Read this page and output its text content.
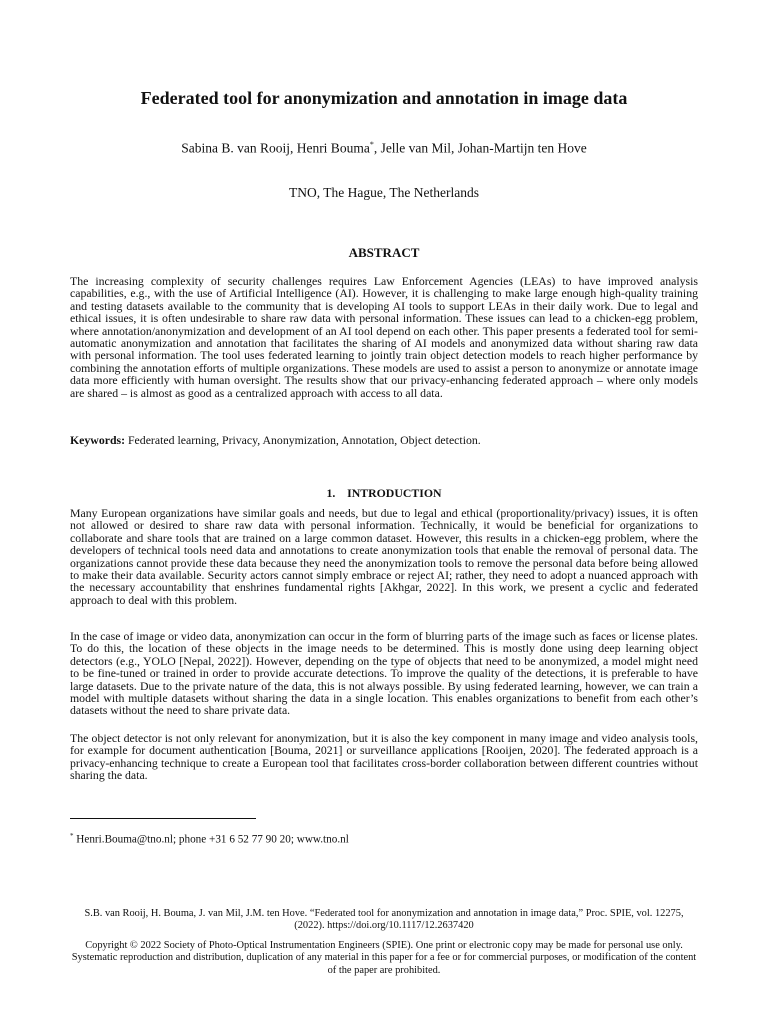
Federated tool for anonymization and annotation in image data
Sabina B. van Rooij, Henri Bouma*, Jelle van Mil, Johan-Martijn ten Hove
TNO, The Hague, The Netherlands
ABSTRACT
The increasing complexity of security challenges requires Law Enforcement Agencies (LEAs) to have improved analysis capabilities, e.g., with the use of Artificial Intelligence (AI). However, it is challenging to make large enough high-quality training and testing datasets available to the community that is developing AI tools to support LEAs in their daily work. Due to legal and ethical issues, it is often undesirable to share raw data with personal information. These issues can lead to a chicken-egg problem, where annotation/anonymization and development of an AI tool depend on each other. This paper presents a federated tool for semi-automatic anonymization and annotation that facilitates the sharing of AI models and anonymized data without sharing raw data with personal information. The tool uses federated learning to jointly train object detection models to reach higher performance by combining the annotation efforts of multiple organizations. These models are used to assist a person to anonymize or annotate image data more efficiently with human oversight. The results show that our privacy-enhancing federated approach – where only models are shared – is almost as good as a centralized approach with access to all data.
Keywords: Federated learning, Privacy, Anonymization, Annotation, Object detection.
1.    INTRODUCTION
Many European organizations have similar goals and needs, but due to legal and ethical (proportionality/privacy) issues, it is often not allowed or desired to share raw data with personal information. Technically, it would be beneficial for organizations to collaborate and share tools that are trained on a large common dataset. However, this results in a chicken-egg problem, where the developers of technical tools need data and annotations to create anonymization tools that enable the removal of personal data. The organizations cannot provide these data because they need the anonymization tools to remove the personal data before being allowed to make their data available. Security actors cannot simply embrace or reject AI; rather, they need to adopt a nuanced approach with the necessary accountability that enshrines fundamental rights [Akhgar, 2022]. In this work, we present a cyclic and federated approach to deal with this problem.
In the case of image or video data, anonymization can occur in the form of blurring parts of the image such as faces or license plates. To do this, the location of these objects in the image needs to be determined. This is mostly done using deep learning object detectors (e.g., YOLO [Nepal, 2022]). However, depending on the type of objects that need to be anonymized, a model might need to be fine-tuned or trained in order to provide accurate detections. To improve the quality of the detections, it is preferable to have large datasets. Due to the private nature of the data, this is not always possible. By using federated learning, however, we can train a model with multiple datasets without sharing the data in a single location. This enables organizations to benefit from each other’s datasets without the need to share private data.
The object detector is not only relevant for anonymization, but it is also the key component in many image and video analysis tools, for example for document authentication [Bouma, 2021] or surveillance applications [Rooijen, 2020]. The federated approach is a privacy-enhancing technique to create a European tool that facilitates cross-border collaboration between different countries without sharing the data.
* Henri.Bouma@tno.nl; phone +31 6 52 77 90 20; www.tno.nl
S.B. van Rooij, H. Bouma, J. van Mil, J.M. ten Hove. “Federated tool for anonymization and annotation in image data,” Proc. SPIE, vol. 12275, (2022). https://doi.org/10.1117/12.2637420
Copyright © 2022 Society of Photo-Optical Instrumentation Engineers (SPIE). One print or electronic copy may be made for personal use only. Systematic reproduction and distribution, duplication of any material in this paper for a fee or for commercial purposes, or modification of the content of the paper are prohibited.
